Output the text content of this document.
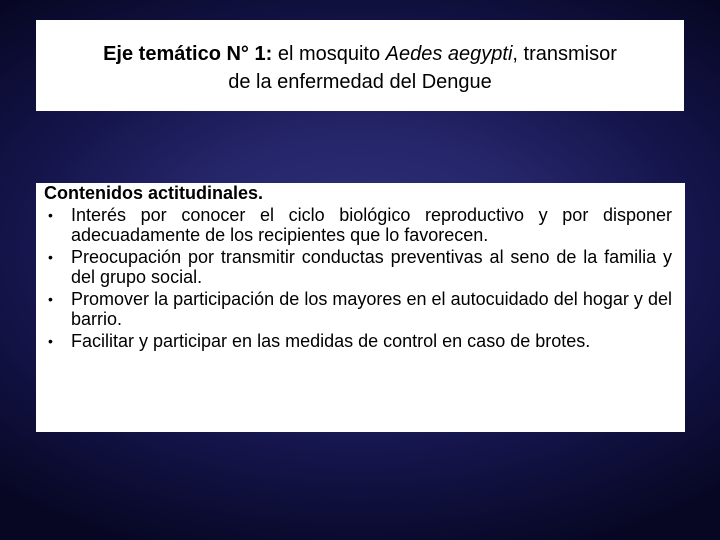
Eje temático N° 1: el mosquito Aedes aegypti, transmisor
de la enfermedad del Dengue
Contenidos actitudinales.
• Interés por conocer el ciclo biológico reproductivo y por disponer adecuadamente de los recipientes que lo favorecen.
• Preocupación por transmitir conductas preventivas al seno de la familia y del grupo social.
• Promover la participación de los mayores en el autocuidado del hogar y del barrio.
• Facilitar y participar en las medidas de control en caso de brotes.
